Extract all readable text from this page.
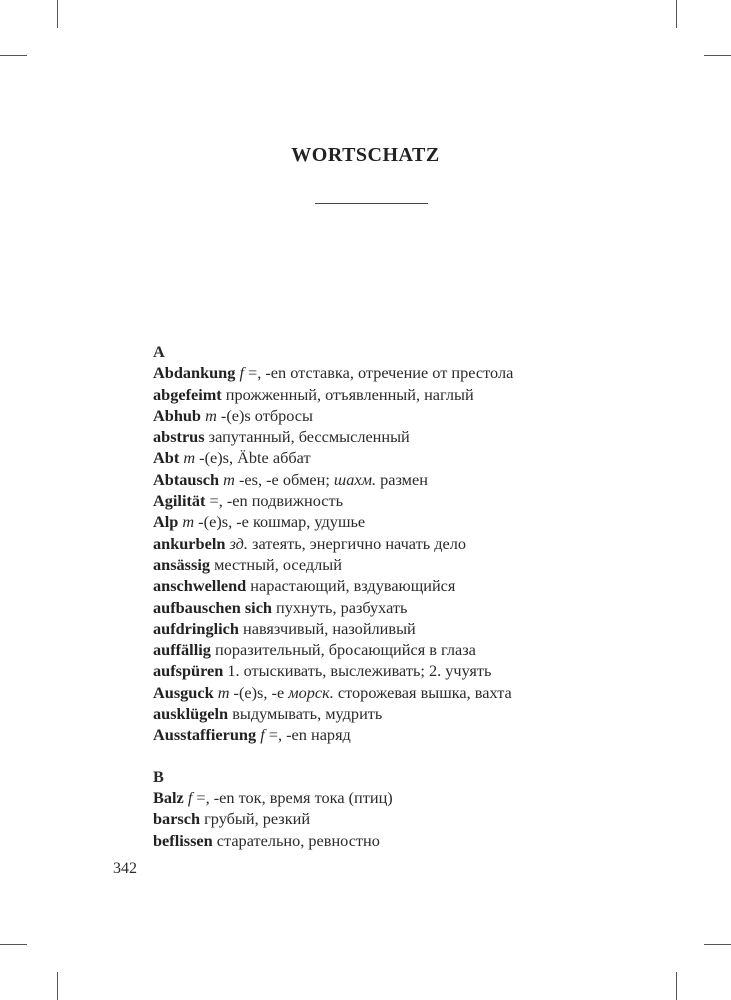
WORTSCHATZ
A
Abdankung f =, -en отставка, отречение от престола
abgefeimt прожженный, отъявленный, наглый
Abhub m -(e)s отбросы
abstrus запутанный, бессмысленный
Abt m -(e)s, Äbte аббат
Abtausch m -es, -e обмен; шахм. размен
Agilität =, -en подвижность
Alp m -(e)s, -e кошмар, удушье
ankurbeln зд. затеять, энергично начать дело
ansässig местный, оседлый
anschwellend нарастающий, вздувающийся
aufbauschen sich пухнуть, разбухать
aufdringlich навязчивый, назойливый
auffällig поразительный, бросающийся в глаза
aufspüren 1. отыскивать, выслеживать; 2. учуять
Ausguck m -(e)s, -e морск. сторожевая вышка, вахта
ausklügeln выдумывать, мудрить
Ausstaffierung f =, -en наряд
B
Balz f =, -en ток, время тока (птиц)
barsch грубый, резкий
beflissen старательно, ревностно
342
